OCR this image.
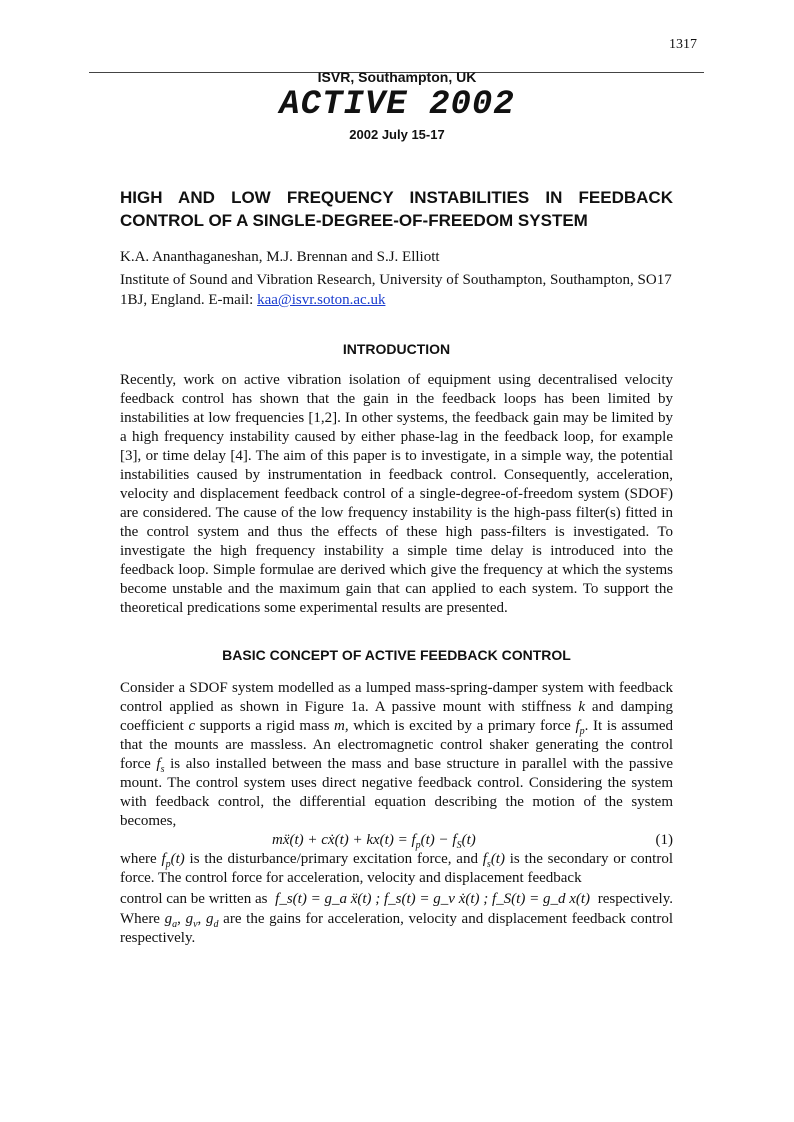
1317
ISVR, Southampton, UK
ACTIVE 2002
2002 July 15-17
HIGH AND LOW FREQUENCY INSTABILITIES IN FEEDBACK CONTROL OF A SINGLE-DEGREE-OF-FREEDOM SYSTEM
K.A. Ananthaganeshan, M.J. Brennan and S.J. Elliott
Institute of Sound and Vibration Research, University of Southampton, Southampton, SO17 1BJ, England. E-mail: kaa@isvr.soton.ac.uk
INTRODUCTION

Recently, work on active vibration isolation of equipment using decentralised velocity feedback control has shown that the gain in the feedback loops has been limited by instabilities at low frequencies [1,2]. In other systems, the feedback gain may be limited by a high frequency instability caused by either phase-lag in the feedback loop, for example [3], or time delay [4]. The aim of this paper is to investigate, in a simple way, the potential instabilities caused by instrumentation in feedback control. Consequently, acceleration, velocity and displacement feedback control of a single-degree-of-freedom system (SDOF) are considered. The cause of the low frequency instability is the high-pass filter(s) fitted in the control system and thus the effects of these high pass-filters is investigated. To investigate the high frequency instability a simple time delay is introduced into the feedback loop. Simple formulae are derived which give the frequency at which the systems become unstable and the maximum gain that can applied to each system. To support the theoretical predications some experimental results are presented.

BASIC CONCEPT OF ACTIVE FEEDBACK CONTROL

Consider a SDOF system modelled as a lumped mass-spring-damper system with feedback control applied as shown in Figure 1a. A passive mount with stiffness k and damping coefficient c supports a rigid mass m, which is excited by a primary force $f_p$. It is assumed that the mounts are massless. An electromagnetic control shaker generating the control force $f_s$ is also installed between the mass and base structure in parallel with the passive mount. The control system uses direct negative feedback control. Considering the system with feedback control, the differential equation describing the motion of the system becomes,

mẍ(t) + cẋ(t) + $kx(t) = f_p(t) - f_S(t)$	(1)

where $f_p(t)$ is the disturbance/primary excitation force, and $f_s(t)$ is the secondary or control force. The control force for acceleration, velocity and displacement feedback

control can be written as f_s(t) = g_a ẍ(t) ; f_s(t) = g_v ẋ(t) ; f_S(t) = g_d x(t) respectively.

Where $g_a$, $g_v$, $g_d$ are the gains for acceleration, velocity and displacement feedback control respectively.
